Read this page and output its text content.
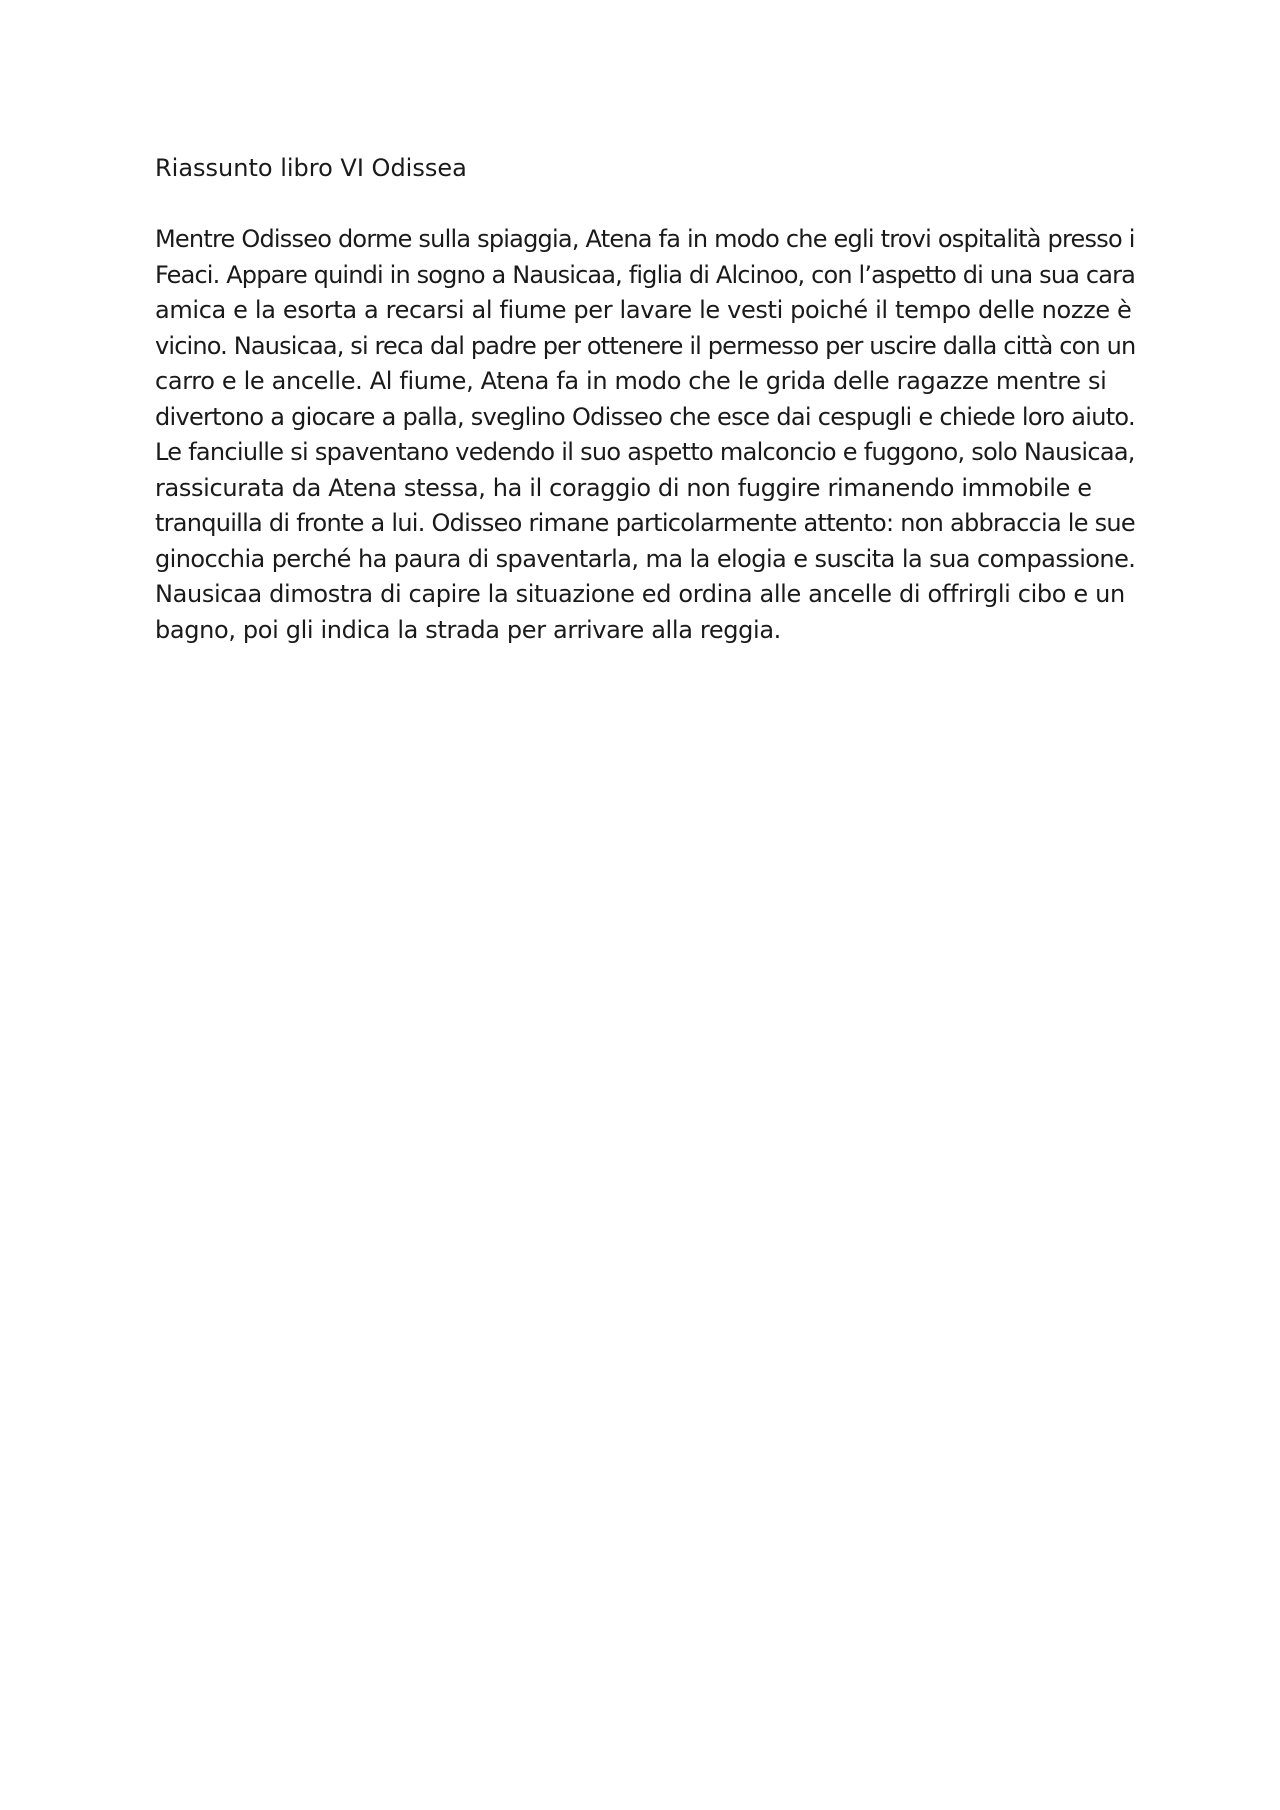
Riassunto libro VI Odissea
Mentre Odisseo dorme sulla spiaggia, Atena fa in modo che egli trovi ospitalità presso i
Feaci. Appare quindi in sogno a Nausicaa, figlia di Alcinoo, con l’aspetto di una sua cara
amica e la esorta a recarsi al fiume per lavare le vesti poiché il tempo delle nozze è
vicino. Nausicaa, si reca dal padre per ottenere il permesso per uscire dalla città con un
carro e le ancelle. Al fiume, Atena fa in modo che le grida delle ragazze mentre si
divertono a giocare a palla, sveglino Odisseo che esce dai cespugli e chiede loro aiuto.
Le fanciulle si spaventano vedendo il suo aspetto malconcio e fuggono, solo Nausicaa,
rassicurata da Atena stessa, ha il coraggio di non fuggire rimanendo immobile e
tranquilla di fronte a lui. Odisseo rimane particolarmente attento: non abbraccia le sue
ginocchia perché ha paura di spaventarla, ma la elogia e suscita la sua compassione.
Nausicaa dimostra di capire la situazione ed ordina alle ancelle di offrirgli cibo e un
bagno, poi gli indica la strada per arrivare alla reggia.
